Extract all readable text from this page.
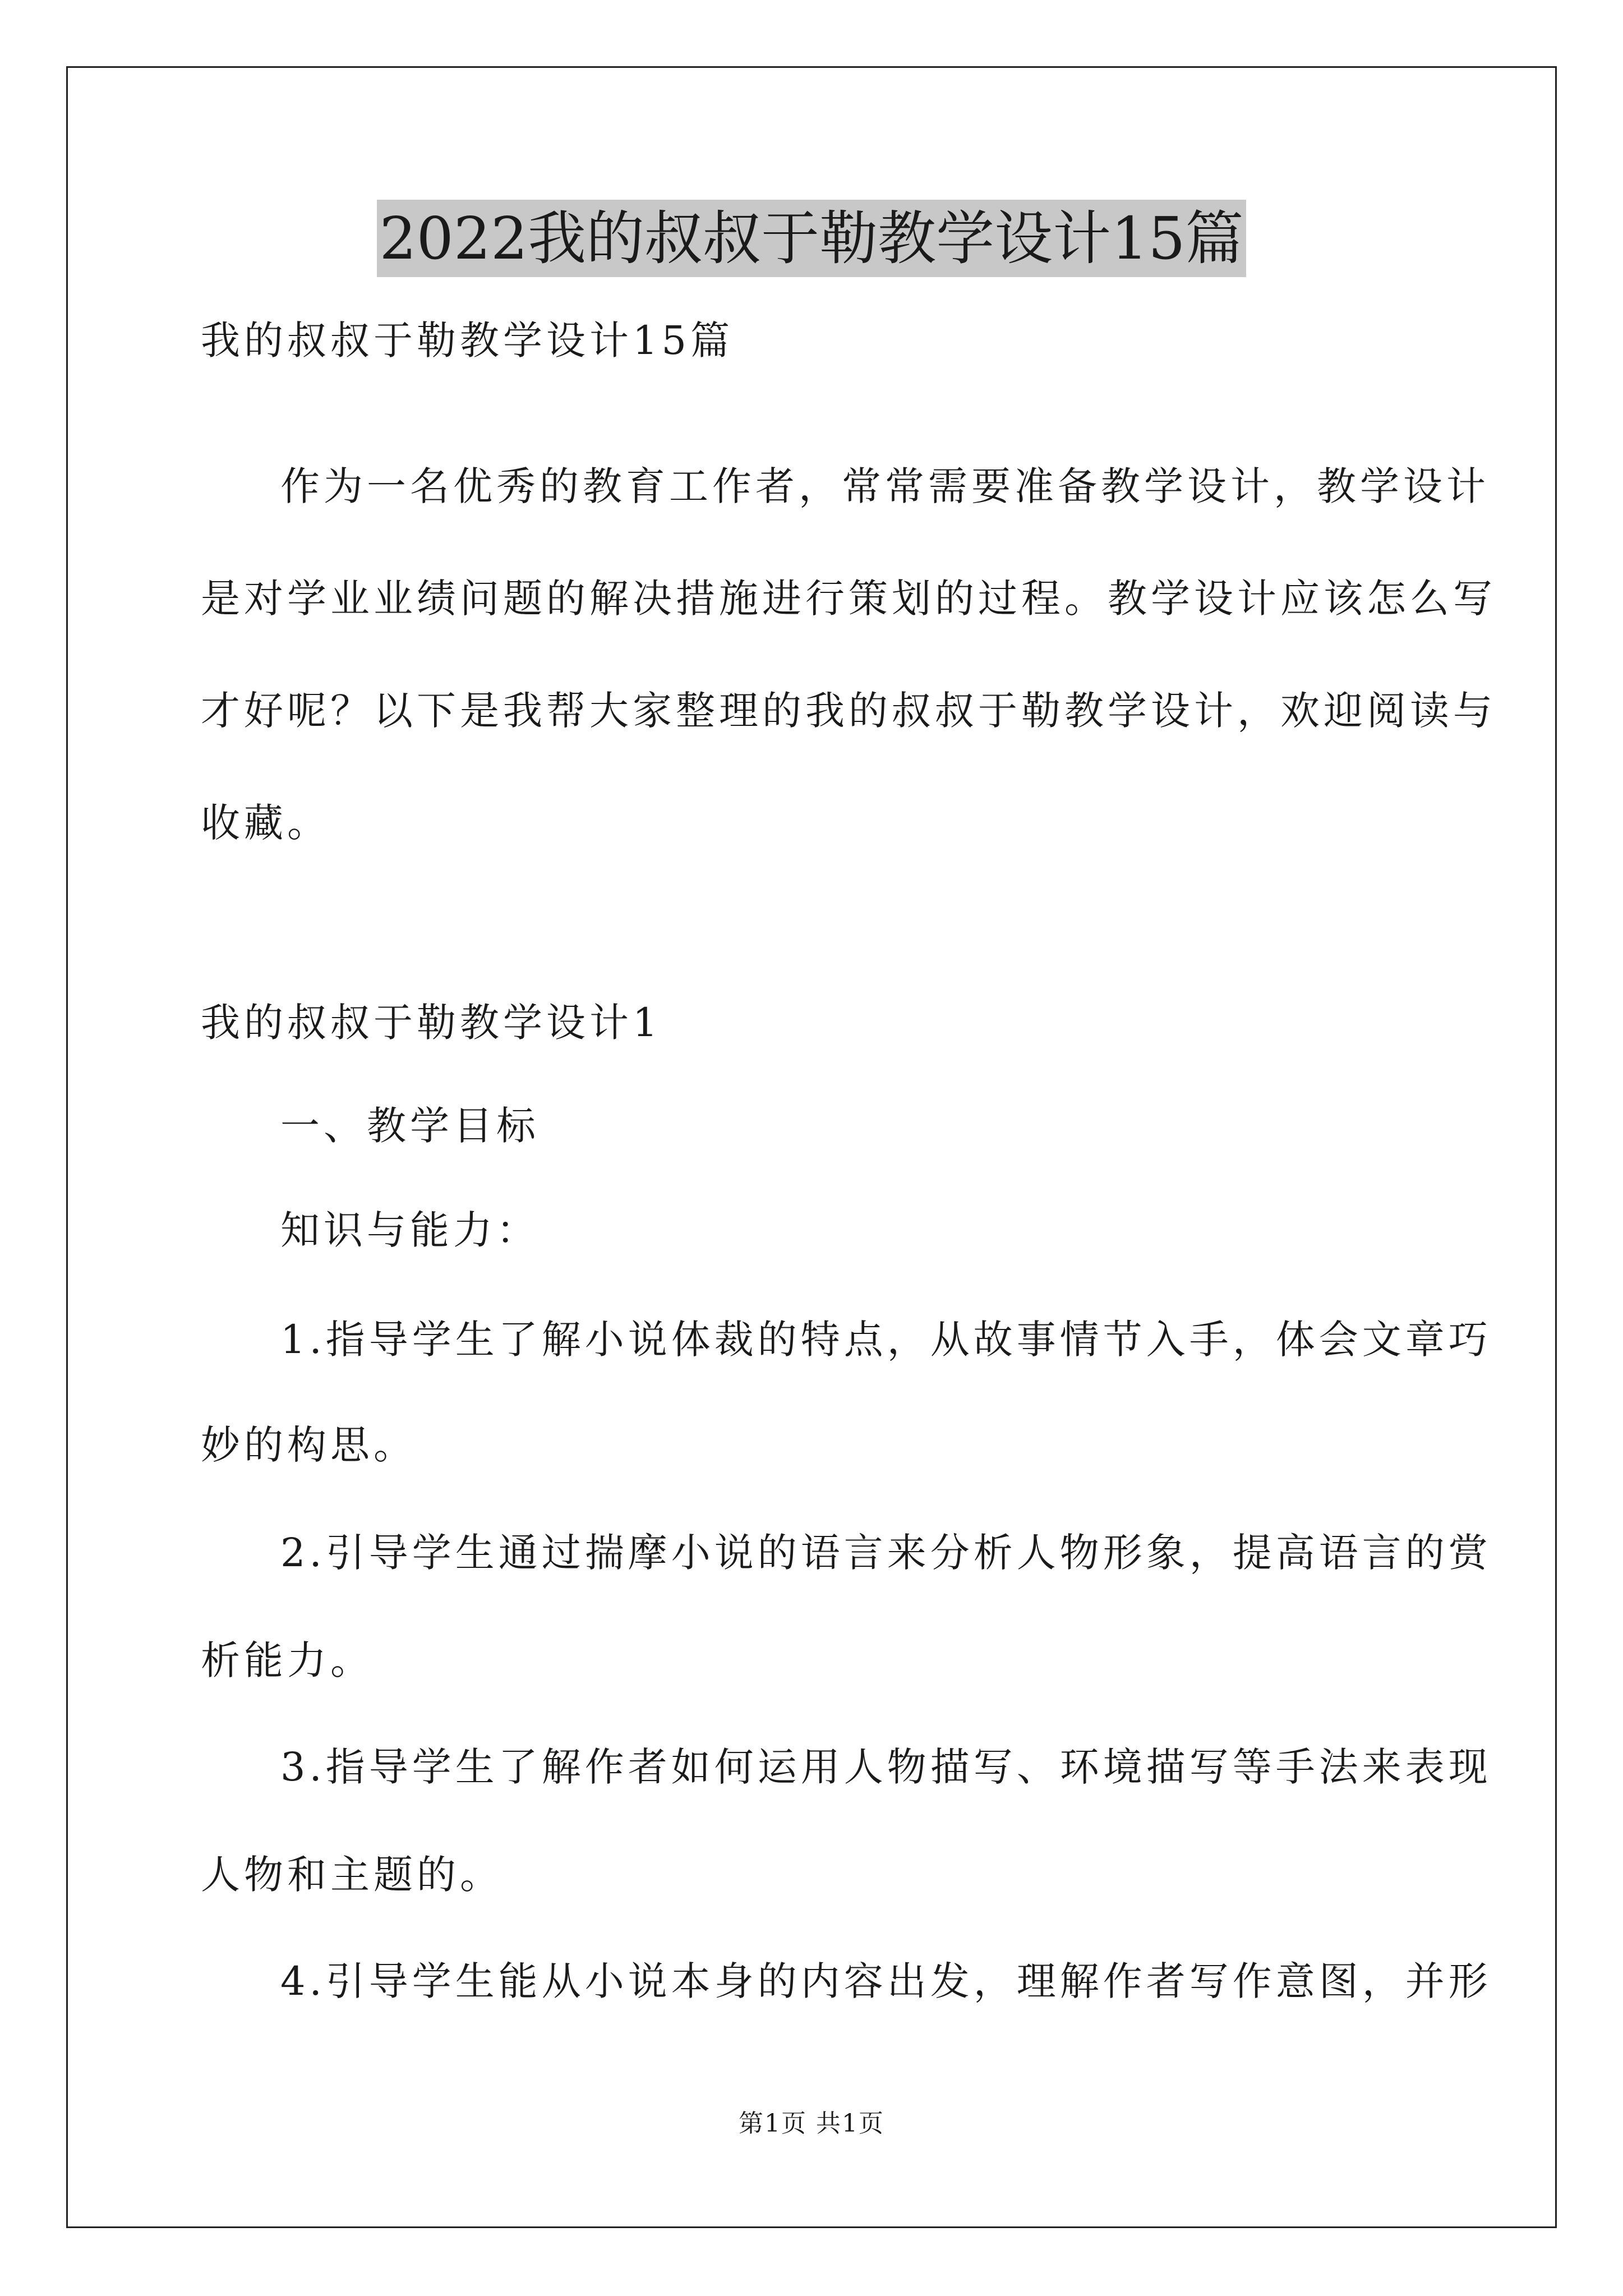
2022我的叔叔于勒教学设计15篇
我的叔叔于勒教学设计15篇
作为一名优秀的教育工作者，常常需要准备教学设计，教学设计
是对学业业绩问题的解决措施进行策划的过程。教学设计应该怎么写
才好呢？以下是我帮大家整理的我的叔叔于勒教学设计，欢迎阅读与
收藏。
我的叔叔于勒教学设计1
一、教学目标
知识与能力：
1.指导学生了解小说体裁的特点，从故事情节入手，体会文章巧
妙的构思。
2.引导学生通过揣摩小说的语言来分析人物形象，提高语言的赏
析能力。
3.指导学生了解作者如何运用人物描写、环境描写等手法来表现
人物和主题的。
4.引导学生能从小说本身的内容出发，理解作者写作意图，并形
第1页 共1页
